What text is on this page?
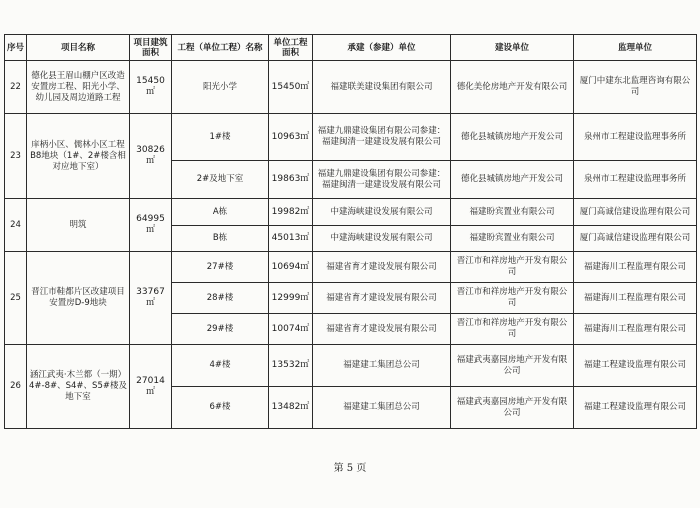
序号	项目名称	项目建筑面积	工程（单位工程）名称	单位工程面积	承建（参建）单位	建设单位	监理单位
22	德化县王眉山棚户区改造安置房工程、阳光小学、幼儿园及周边道路工程	15450㎡	阳光小学	15450㎡	福建联美建设集团有限公司	德化美伦房地产开发有限公司	厦门中建东北监理咨询有限公司
23	庠柄小区、儒林小区工程B8地块（1#、2#楼含相对应地下室）	30826㎡	1#楼	10963㎡	福建九鼎建设集团有限公司参建：福建闽清一建建设发展有限公司	德化县城镇房地产开发公司	泉州市工程建设监理事务所
			2#及地下室	19863㎡	福建九鼎建设集团有限公司参建：福建闽清一建建设发展有限公司	德化县城镇房地产开发公司	泉州市工程建设监理事务所
24	明筑	64995㎡	A栋	19982㎡	中建海峡建设发展有限公司	福建盼宾置业有限公司	厦门高诚信建设监理有限公司
			B栋	45013㎡	中建海峡建设发展有限公司	福建盼宾置业有限公司	厦门高诚信建设监理有限公司
25	晋江市鞋都片区改建项目安置房D-9地块	33767㎡	27#楼	10694㎡	福建省育才建设发展有限公司	晋江市和祥房地产开发有限公司	福建海川工程监理有限公司
			28#楼	12999㎡	福建省育才建设发展有限公司	晋江市和祥房地产开发有限公司	福建海川工程监理有限公司
			29#楼	10074㎡	福建省育才建设发展有限公司	晋江市和祥房地产开发有限公司	福建海川工程监理有限公司
26	涵江武夷·木兰都（一期）4#-8#、S4#、S5#楼及地下室	27014㎡	4#楼	13532㎡	福建建工集团总公司	福建武夷嘉园房地产开发有限公司	福建工程建设监理有限公司
			6#楼	13482㎡	福建建工集团总公司	福建武夷嘉园房地产开发有限公司	福建工程建设监理有限公司
第 5 页
